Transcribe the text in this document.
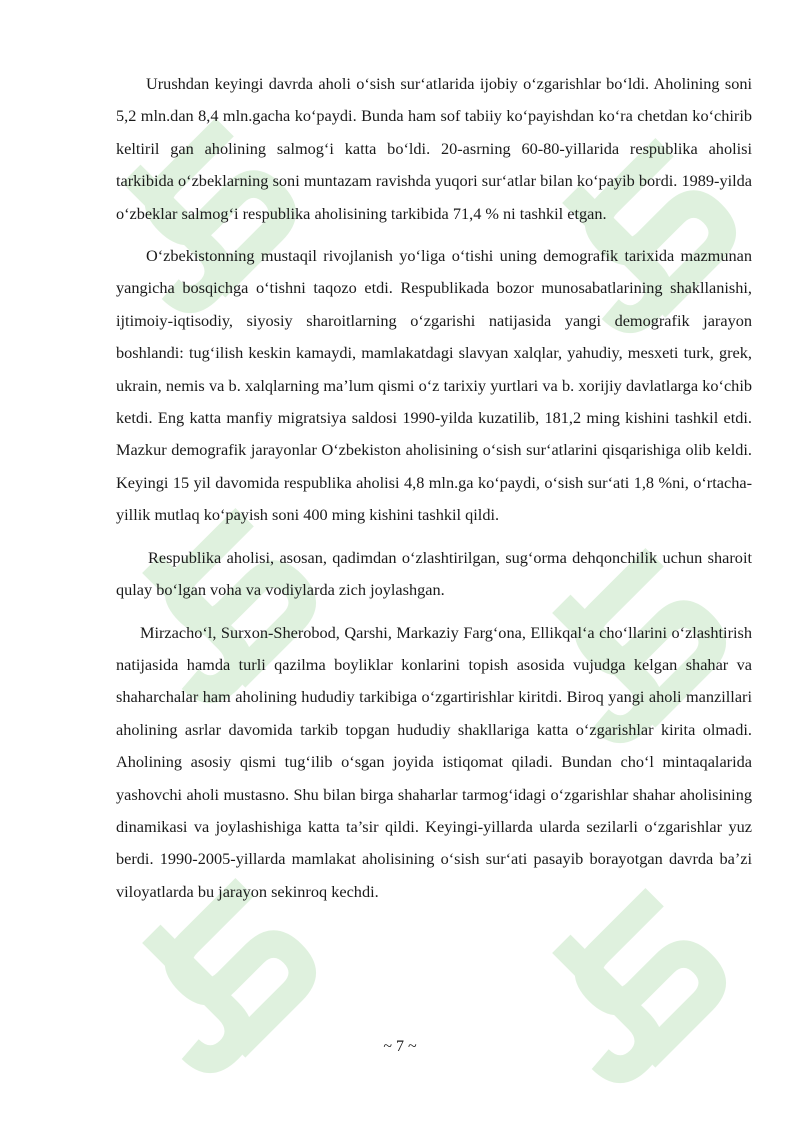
Urushdan keyingi davrda aholi o‘sish sur‘atlarida ijobiy o‘zgarishlar bo‘ldi. Aholining soni 5,2 mln.dan 8,4 mln.gacha ko‘paydi. Bunda ham sof tabiiy ko‘payishdan ko‘ra chetdan ko‘chirib keltiril gan aholining salmog‘i katta bo‘ldi. 20-asrning 60-80-yillarida respublika aholisi tarkibida o‘zbeklarning soni muntazam ravishda yuqori sur‘atlar bilan ko‘payib bordi. 1989-yilda o‘zbeklar salmog‘i respublika aholisining tarkibida 71,4 % ni tashkil etgan.

O‘zbekistonning mustaqil rivojlanish yo‘liga o‘tishi uning demografik tarixida mazmunan yangicha bosqichga o‘tishni taqozo etdi. Respublikada bozor munosabatlarining shakllanishi, ijtimoiy-iqtisodiy, siyosiy sharoitlarning o‘zgarishi natijasida yangi demografik jarayon boshlandi: tug‘ilish keskin kamaydi, mamlakatdagi slavyan xalqlar, yahudiy, mesxeti turk, grek, ukrain, nemis va b. xalqlarning ma’lum qismi o‘z tarixiy yurtlari va b. xorijiy davlatlarga ko‘chib ketdi. Eng katta manfiy migratsiya saldosi 1990-yilda kuzatilib, 181,2 ming kishini tashkil etdi. Mazkur demografik jarayonlar O‘zbekiston aholisining o‘sish sur‘atlarini qisqarishiga olib keldi. Keyingi 15 yil davomida respublika aholisi 4,8 mln.ga ko‘paydi, o‘sish sur‘ati 1,8 %ni, o‘rtacha-yillik mutlaq ko‘payish soni 400 ming kishini tashkil qildi.

Respublika aholisi, asosan, qadimdan o‘zlashtirilgan, sug‘orma dehqonchilik uchun sharoit qulay bo‘lgan voha va vodiylarda zich joylashgan.

Mirzacho‘l, Surxon-Sherobod, Qarshi, Markaziy Farg‘ona, Ellikqal‘a cho‘llarini o‘zlashtirish natijasida hamda turli qazilma boyliklar konlarini topish asosida vujudga kelgan shahar va shaharchalar ham aholining hududiy tarkibiga o‘zgartirishlar kiritdi. Biroq yangi aholi manzillari aholining asrlar davomida tarkib topgan hududiy shakllariga katta o‘zgarishlar kirita olmadi. Aholining asosiy qismi tug‘ilib o‘sgan joyida istiqomat qiladi. Bundan cho‘l mintaqalarida yashovchi aholi mustasno. Shu bilan birga shaharlar tarmog‘idagi o‘zgarishlar shahar aholisining dinamikasi va joylashishiga katta ta’sir qildi. Keyingi-yillarda ularda sezilarli o‘zgarishlar yuz berdi. 1990-2005-yillarda mamlakat aholisining o‘sish sur‘ati pasayib borayotgan davrda ba’zi viloyatlarda bu jarayon sekinroq kechdi.

~ 7 ~
